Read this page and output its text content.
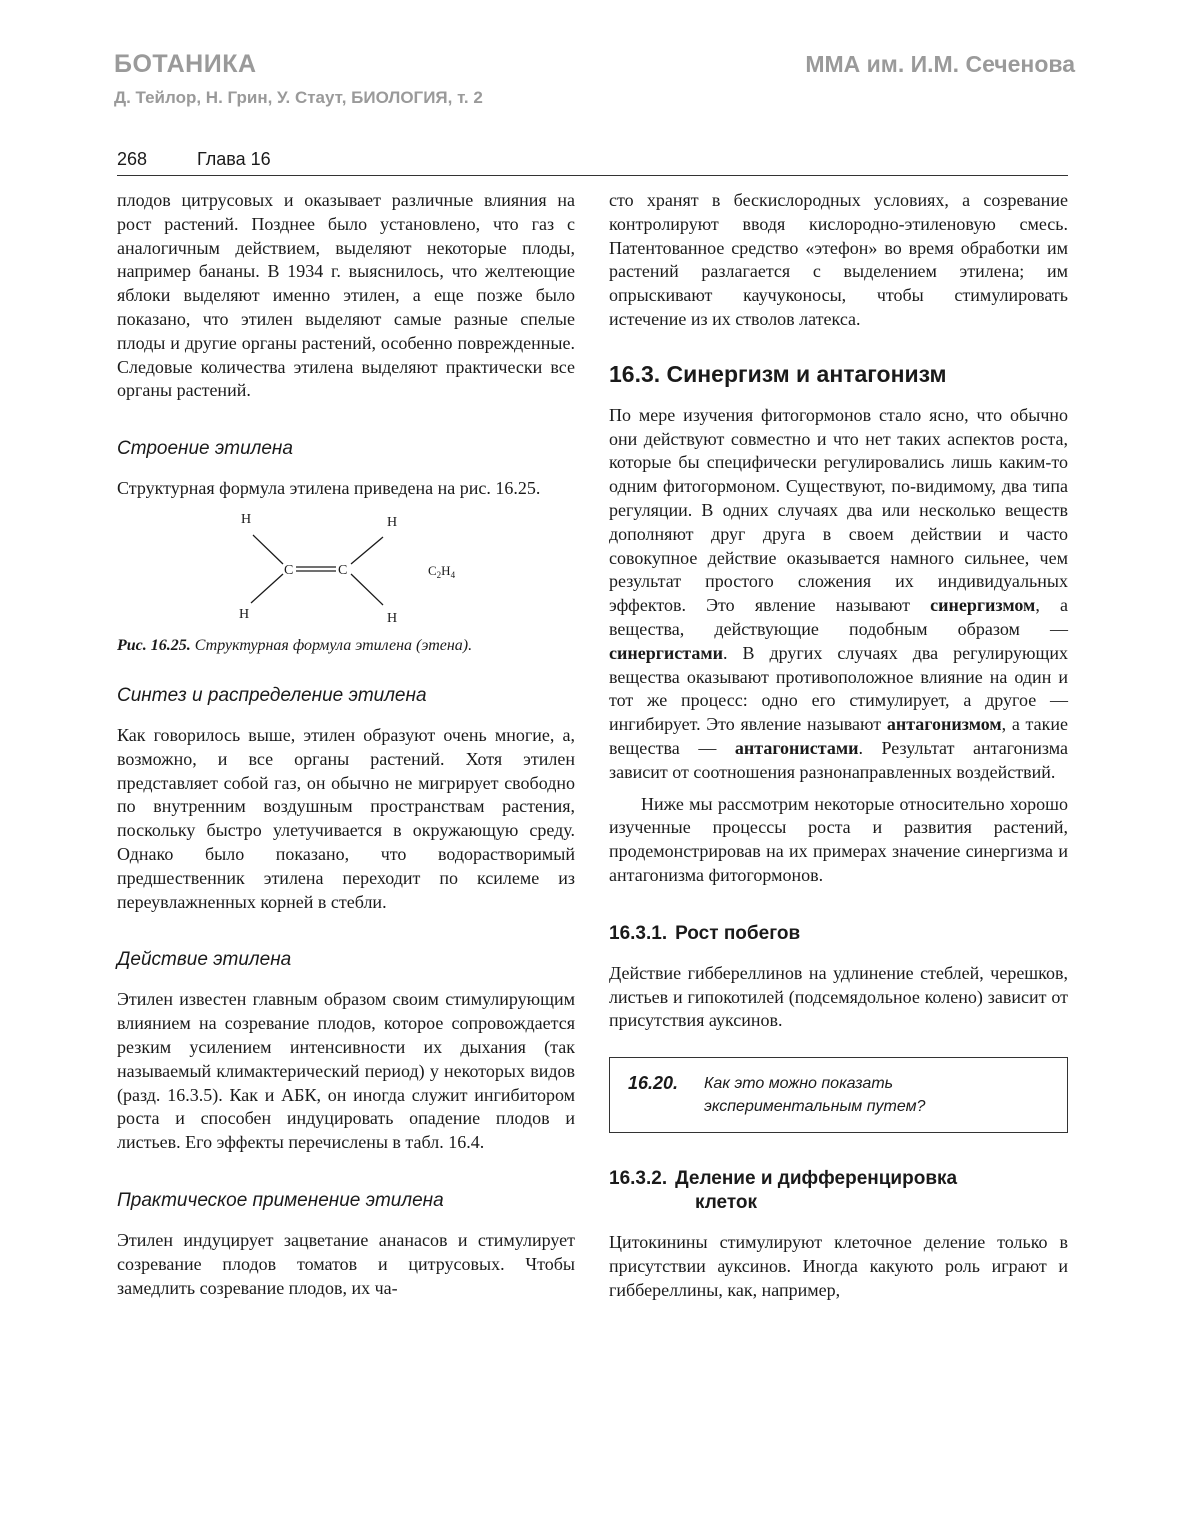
БОТАНИКА	ММА им. И.М. Сеченова
Д. Тейлор, Н. Грин, У. Стаут, БИОЛОГИЯ, т. 2
268	Глава 16

плодов цитрусовых и оказывает различные влияния на рост растений. Позднее было установлено, что газ с аналогичным действием, выделяют некоторые плоды, например бананы. В 1934 г. выяснилось, что желтеющие яблоки выделяют именно этилен, а еще позже было показано, что этилен выделяют самые разные спелые плоды и другие органы растений, особенно поврежденные. Следовые количества этилена выделяют практически все органы растений.

Строение этилена

Структурная формула этилена приведена на рис. 16.25.

H	H
H	H
C	C	$C_2H_4$

Рис. 16.25. Структурная формула этилена (этена).

Синтез и распределение этилена

Как говорилось выше, этилен образуют очень многие, а, возможно, и все органы растений. Хотя этилен представляет собой газ, он обычно не мигрирует свободно по внутренним воздушным пространствам растения, поскольку быстро улетучивается в окружающую среду. Однако было показано, что водорастворимый предшественник этилена переходит по ксилеме из переувлажненных корней в стебли.

Действие этилена

Этилен известен главным образом своим стимулирующим влиянием на созревание плодов, которое сопровождается резким усилением интенсивности их дыхания (так называемый климактерический период) у некоторых видов (разд. 16.3.5). Как и АБК, он иногда служит ингибитором роста и способен индуцировать опадение плодов и листьев. Его эффекты перечислены в табл. 16.4.

Практическое применение этилена

Этилен индуцирует зацветание ананасов и стимулирует созревание плодов томатов и цитрусовых. Чтобы замедлить созревание плодов, их ча-

сто хранят в бескислородных условиях, а созревание контролируют вводя кислородно-этиленовую смесь. Патентованное средство «этефон» во время обработки им растений разлагается с выделением этилена; им опрыскивают каучуконосы, чтобы стимулировать истечение из их стволов латекса.

16.3. Синергизм и антагонизм

По мере изучения фитогормонов стало ясно, что обычно они действуют совместно и что нет таких аспектов роста, которые бы специфически регулировались лишь каким-то одним фитогормоном. Существуют, по-видимому, два типа регуляции. В одних случаях два или несколько веществ дополняют друг друга в своем действии и часто совокупное действие оказывается намного сильнее, чем результат простого сложения их индивидуальных эффектов. Это явление называют синергизмом, а вещества, действующие подобным образом — синергистами. В других случаях два регулирующих вещества оказывают противоположное влияние на один и тот же процесс: одно его стимулирует, а другое — ингибирует. Это явление называют антагонизмом, а такие вещества — антагонистами. Результат антагонизма зависит от соотношения разнонаправленных воздействий.

Ниже мы рассмотрим некоторые относительно хорошо изученные процессы роста и развития растений, продемонстрировав на их примерах значение синергизма и антагонизма фитогормонов.

16.3.1. Рост побегов

Действие гиббереллинов на удлинение стеблей, черешков, листьев и гипокотилей (подсемядольное колено) зависит от присутствия ауксинов.

16.20.	Как это можно показать экспериментальным путем?
16.3.2. Деление и дифференцировка
клеток

Цитокинины стимулируют клеточное деление только в присутствии ауксинов. Иногда какуюто роль играют и гиббереллины, как, например,
